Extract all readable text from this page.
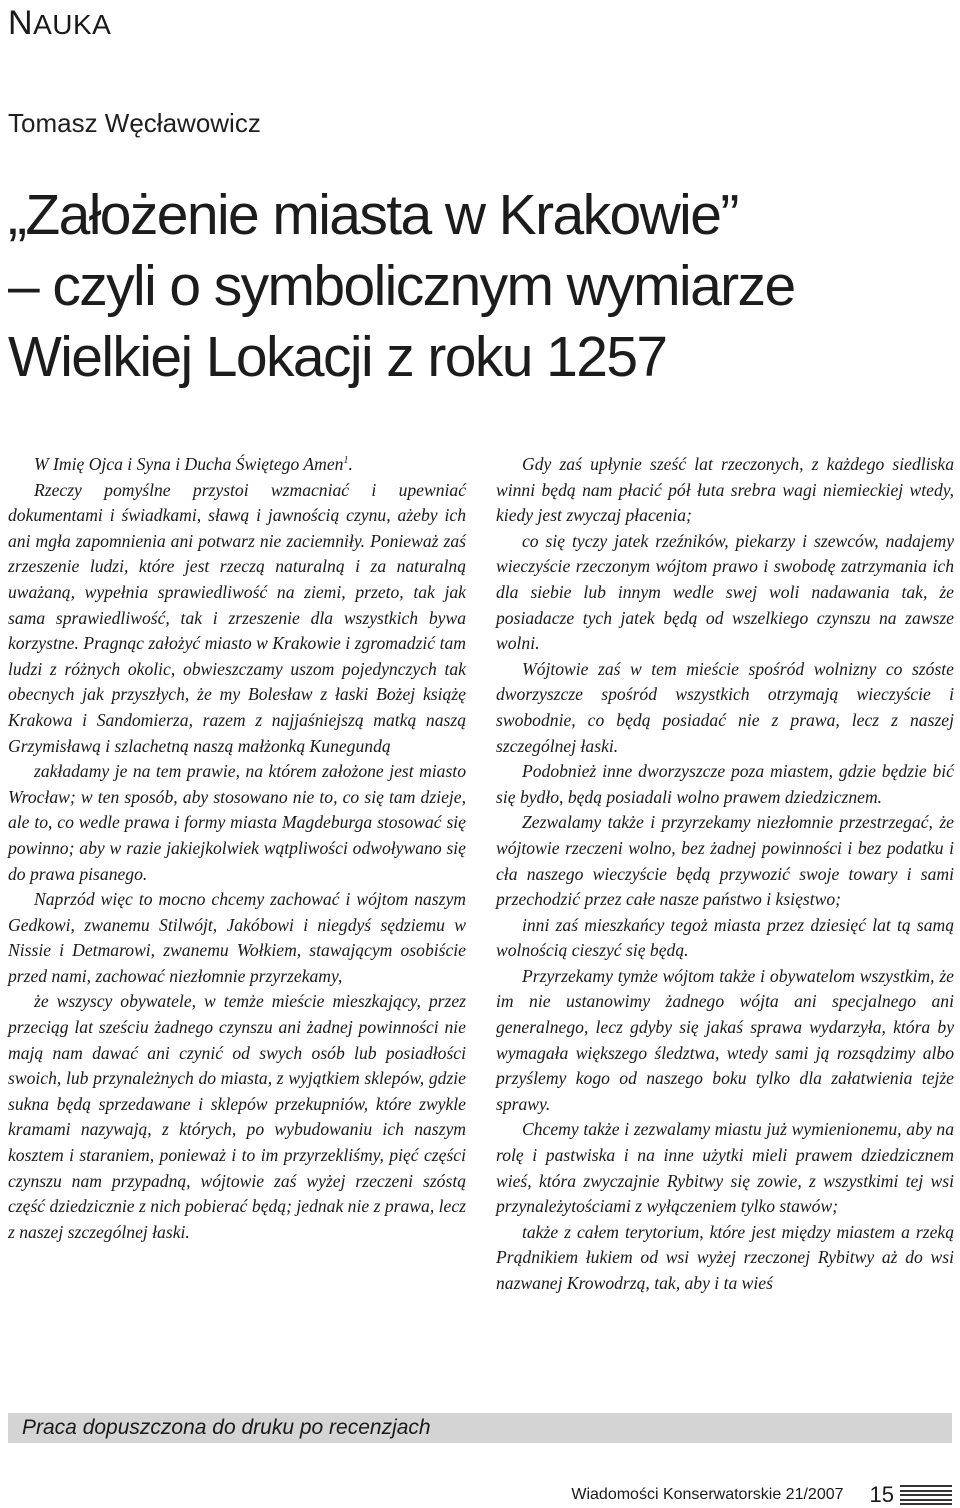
NAUKA
Tomasz Węcławowicz
„Założenie miasta w Krakowie”
– czyli o symbolicznym wymiarze
Wielkiej Lokacji z roku 1257

W Imię Ojca i Syna i Ducha Świętego Amen$^1$.

Rzeczy pomyślne przystoi wzmacniać i upewniać dokumentami i świadkami, sławą i jawnością czynu, ażeby ich ani mgła zapomnienia ani potwarz nie zaciemniły. Ponieważ zaś zrzeszenie ludzi, które jest rzeczą naturalną i za naturalną uważaną, wypełnia sprawiedliwość na ziemi, przeto, tak jak sama sprawiedliwość, tak i zrzeszenie dla wszystkich bywa korzystne. Pragnąc założyć miasto w Krakowie i zgromadzić tam ludzi z różnych okolic, obwieszczamy uszom pojedynczych tak obecnych jak przyszłych, że my Bolesław z łaski Bożej książę Krakowa i Sandomierza, razem z najjaśniejszą matką naszą Grzymisławą i szlachetną naszą małżonką Kunegundą

zakładamy je na tem prawie, na którem założone jest miasto Wrocław; w ten sposób, aby stosowano nie to, co się tam dzieje, ale to, co wedle prawa i formy miasta Magdeburga stosować się powinno; aby w razie jakiejkolwiek wątpliwości odwoływano się do prawa pisanego.

Naprzód więc to mocno chcemy zachować i wójtom naszym Gedkowi, zwanemu Stilwójt, Jakóbowi i niegdyś sędziemu w Nissie i Detmarowi, zwanemu Wołkiem, stawającym osobiście przed nami, zachować niezłomnie przyrzekamy,

że wszyscy obywatele, w temże mieście mieszkający, przez przeciąg lat sześciu żadnego czynszu ani żadnej powinności nie mają nam dawać ani czynić od swych osób lub posiadłości swoich, lub przynależnych do miasta, z wyjątkiem sklepów, gdzie sukna będą sprzedawane i sklepów przekupniów, które zwykle kramami nazywają, z których, po wybudowaniu ich naszym kosztem i staraniem, ponieważ i to im przyrzekliśmy, pięć części czynszu nam przypadną, wójtowie zaś wyżej rzeczeni szóstą część dziedzicznie z nich pobierać będą; jednak nie z prawa, lecz z naszej szczególnej łaski.

Gdy zaś upłynie sześć lat rzeczonych, z każdego siedliska winni będą nam płacić pół łuta srebra wagi niemieckiej wtedy, kiedy jest zwyczaj płacenia;

co się tyczy jatek rzeźników, piekarzy i szewców, nadajemy wieczyście rzeczonym wójtom prawo i swobodę zatrzymania ich dla siebie lub innym wedle swej woli nadawania tak, że posiadacze tych jatek będą od wszelkiego czynszu na zawsze wolni.

Wójtowie zaś w tem mieście spośród wolnizny co szóste dworzyszcze spośród wszystkich otrzymają wieczyście i swobodnie, co będą posiadać nie z prawa, lecz z naszej szczególnej łaski.

Podobnież inne dworzyszcze poza miastem, gdzie będzie bić się bydło, będą posiadali wolno prawem dziedzicznem.

Zezwalamy także i przyrzekamy niezłomnie przestrzegać, że wójtowie rzeczeni wolno, bez żadnej powinności i bez podatku i cła naszego wieczyście będą przywozić swoje towary i sami przechodzić przez całe nasze państwo i księstwo;

inni zaś mieszkańcy tegoż miasta przez dziesięć lat tą samą wolnością cieszyć się będą.

Przyrzekamy tymże wójtom także i obywatelom wszystkim, że im nie ustanowimy żadnego wójta ani specjalnego ani generalnego, lecz gdyby się jakaś sprawa wydarzyła, która by wymagała większego śledztwa, wtedy sami ją rozsądzimy albo przyślemy kogo od naszego boku tylko dla załatwienia tejże sprawy.

Chcemy także i zezwalamy miastu już wymienionemu, aby na rolę i pastwiska i na inne użytki mieli prawem dziedzicznem wieś, która zwyczajnie Rybitwy się zowie, z wszystkimi tej wsi przynależytościami z wyłączeniem tylko stawów;

także z całem terytorium, które jest między miastem a rzeką Prądnikiem łukiem od wsi wyżej rzeczonej Rybitwy aż do wsi nazwanej Krowodrzą, tak, aby i ta wieś

Praca dopuszczona do druku po recenzjach
Wiadomości Konserwatorskie 21/2007 15
